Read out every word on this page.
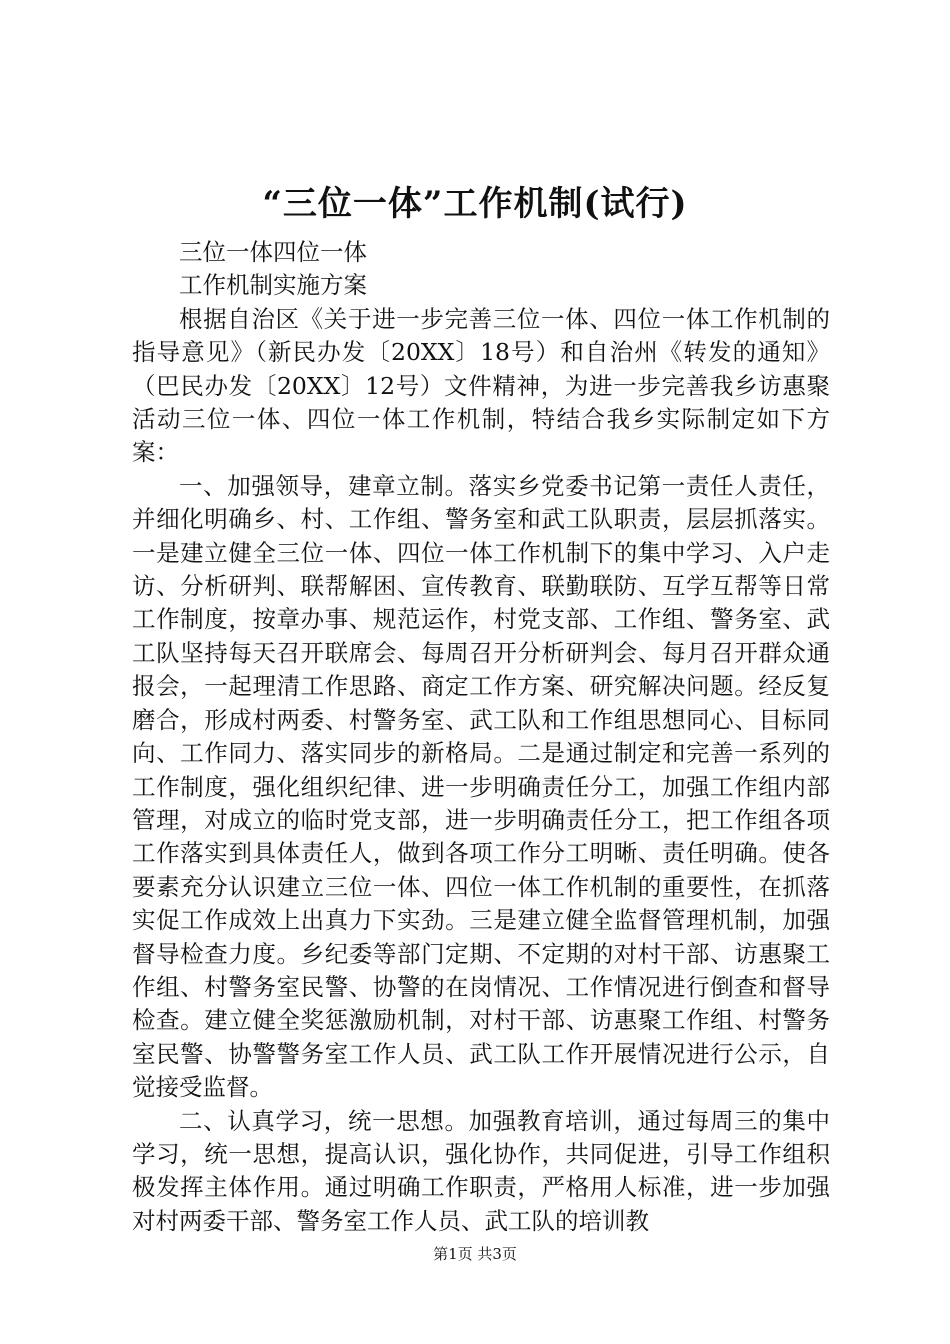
“三位一体”工作机制(试行)

三位一体四位一体

工作机制实施方案

根据自治区《关于进一步完善三位一体、四位一体工作机制的指导意见》（新民办发〔20XX〕18号）和自治州《转发的通知》（巴民办发〔20XX〕12号）文件精神，为进一步完善我乡访惠聚活动三位一体、四位一体工作机制，特结合我乡实际制定如下方案：

一、加强领导，建章立制。落实乡党委书记第一责任人责任，并细化明确乡、村、工作组、警务室和武工队职责，层层抓落实。一是建立健全三位一体、四位一体工作机制下的集中学习、入户走访、分析研判、联帮解困、宣传教育、联勤联防、互学互帮等日常工作制度，按章办事、规范运作，村党支部、工作组、警务室、武工队坚持每天召开联席会、每周召开分析研判会、每月召开群众通报会，一起理清工作思路、商定工作方案、研究解决问题。经反复磨合，形成村两委、村警务室、武工队和工作组思想同心、目标同向、工作同力、落实同步的新格局。二是通过制定和完善一系列的工作制度，强化组织纪律、进一步明确责任分工，加强工作组内部管理，对成立的临时党支部，进一步明确责任分工，把工作组各项工作落实到具体责任人，做到各项工作分工明晰、责任明确。使各要素充分认识建立三位一体、四位一体工作机制的重要性，在抓落实促工作成效上出真力下实劲。三是建立健全监督管理机制，加强督导检查力度。乡纪委等部门定期、不定期的对村干部、访惠聚工作组、村警务室民警、协警的在岗情况、工作情况进行倒查和督导检查。建立健全奖惩激励机制，对村干部、访惠聚工作组、村警务室民警、协警警务室工作人员、武工队工作开展情况进行公示，自觉接受监督。

二、认真学习，统一思想。加强教育培训，通过每周三的集中学习，统一思想，提高认识，强化协作，共同促进，引导工作组积极发挥主体作用。通过明确工作职责，严格用人标准，进一步加强对村两委干部、警务室工作人员、武工队的培训教

第1页 共3页
